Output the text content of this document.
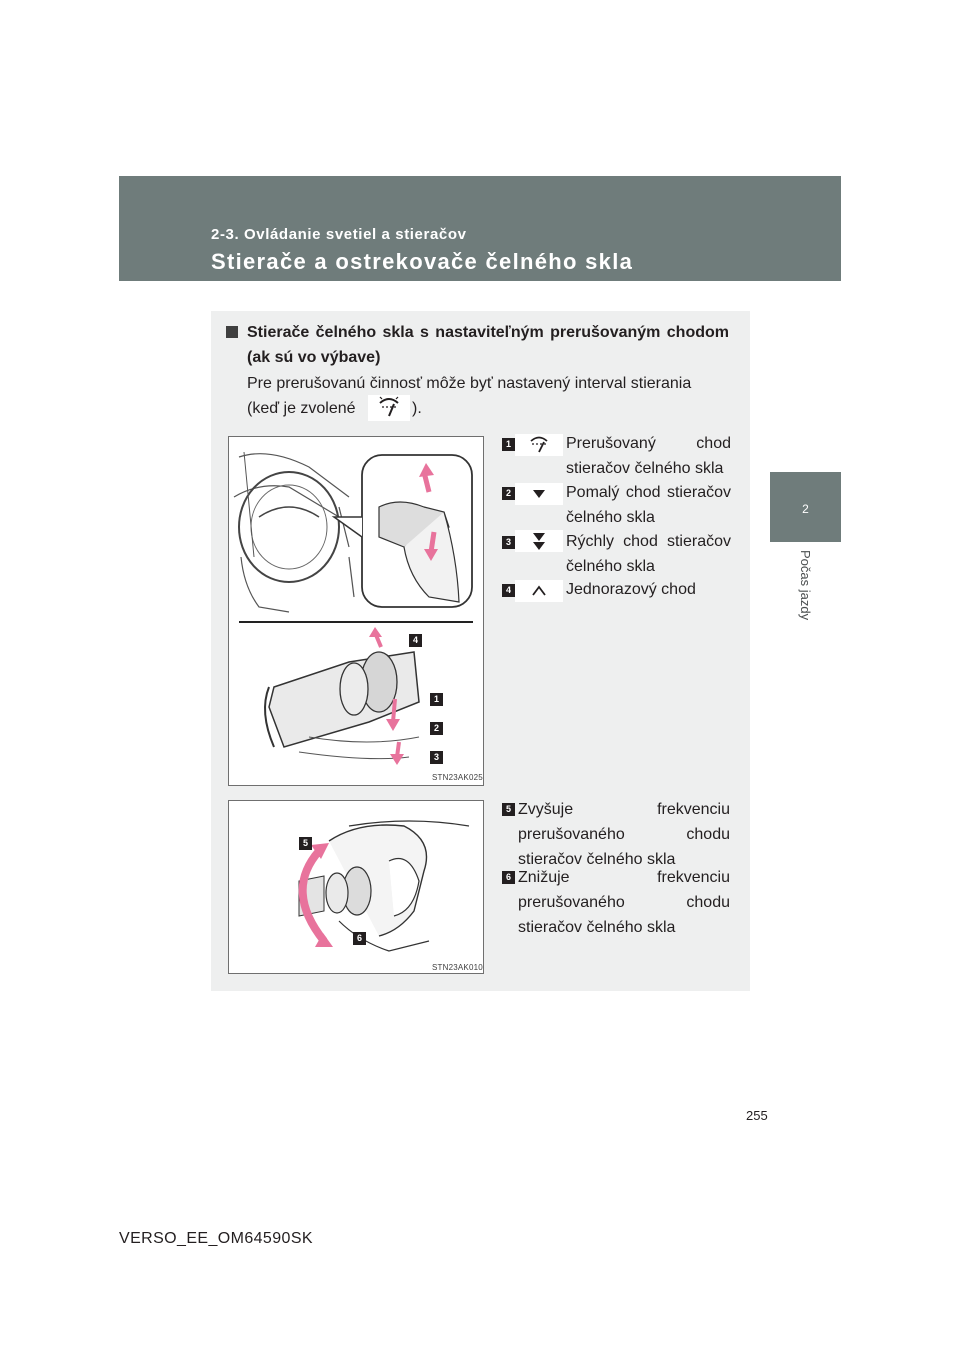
2-3. Ovládanie svetiel a stieračov
Stierače a ostrekovače čelného skla
2
Počas jazdy
Stierače čelného skla s nastaviteľným prerušovaným chodom (ak sú vo výbave)
Pre prerušovanú činnosť môže byť nastavený interval stierania
(keď je zvolené	).
4
1
2
3
STN23AK025
5
6
STN23AK010
1	Prerušovaný chod stieračov čelného skla
2	Pomalý chod stieračov čelného skla
3	Rýchly chod stieračov čelného skla
4	Jednorazový chod
5 Zvyšuje frekvenciu prerušovaného chodu stieračov čelného skla
6 Znižuje frekvenciu prerušovaného chodu stieračov čelného skla
255
VERSO_EE_OM64590SK
